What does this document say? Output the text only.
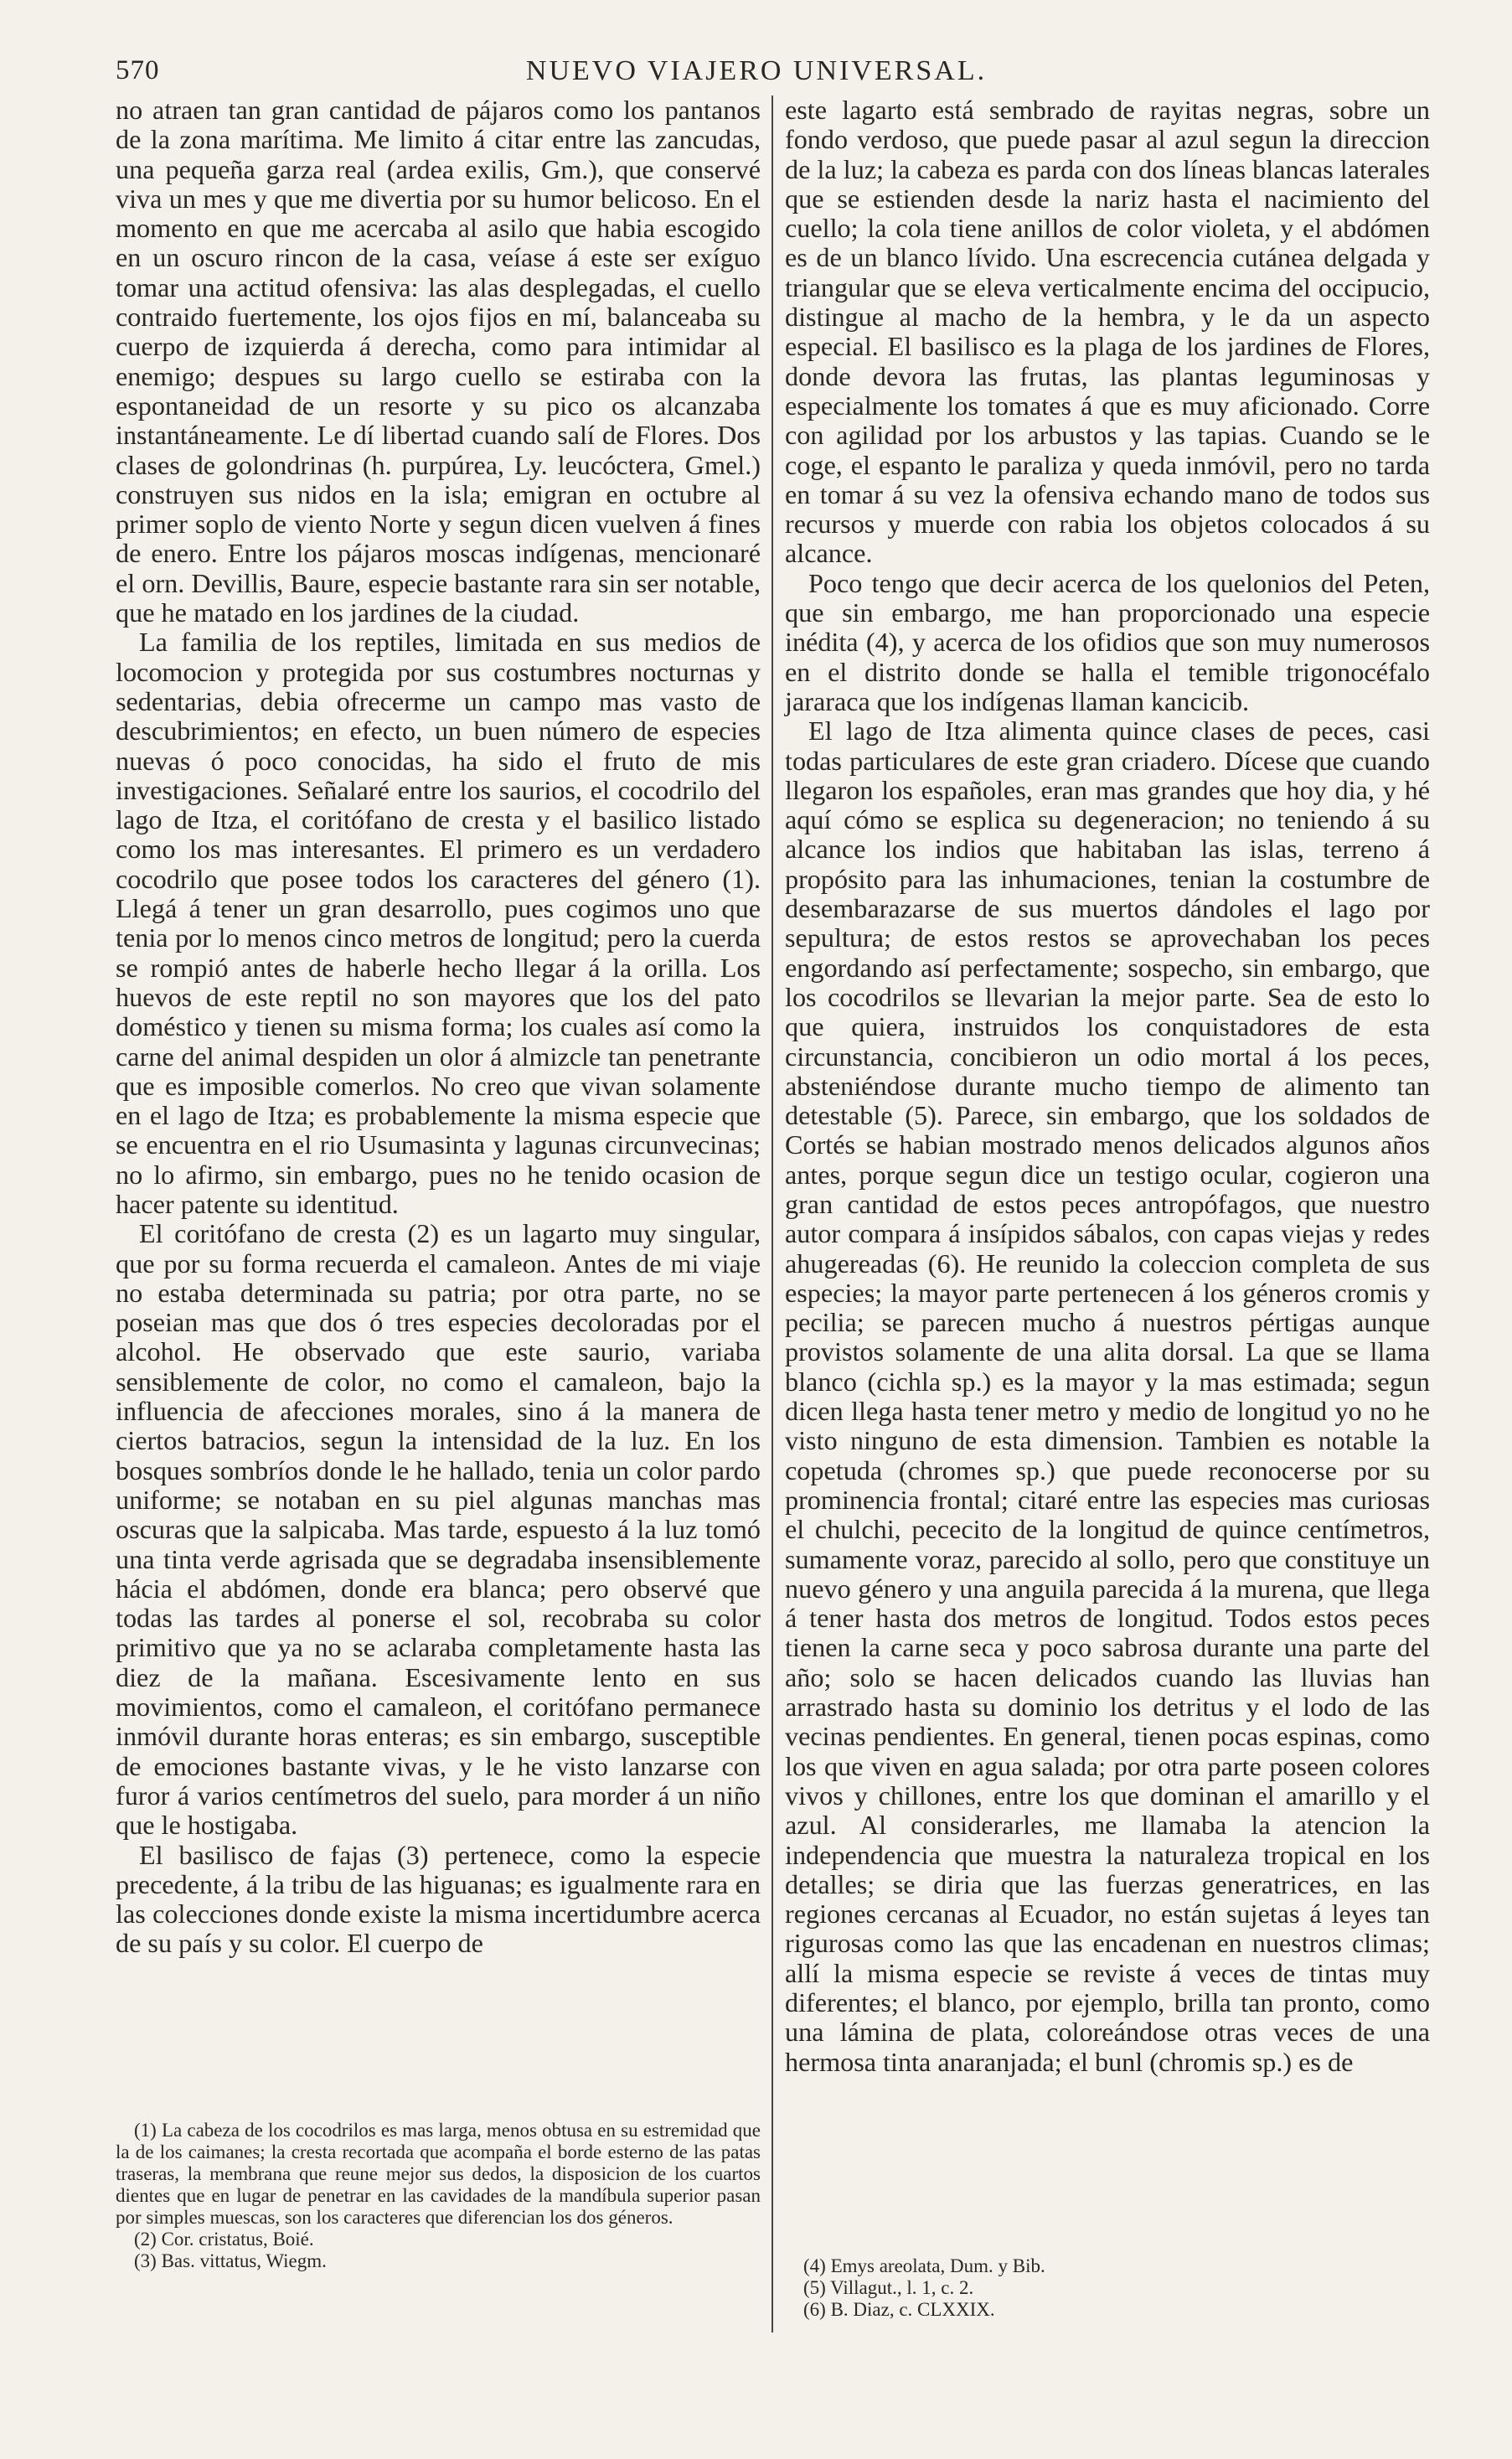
570	NUEVO VIAJERO UNIVERSAL.

no atraen tan gran cantidad de pájaros como los pantanos de la zona marítima. Me limito á citar entre las zancudas, una pequeña garza real (ardea exilis, Gm.), que conservé viva un mes y que me divertia por su humor belicoso. En el momento en que me acercaba al asilo que habia escogido en un oscuro rincon de la casa, veíase á este ser exíguo tomar una actitud ofensiva: las alas desplegadas, el cuello contraido fuertemente, los ojos fijos en mí, balanceaba su cuerpo de izquierda á derecha, como para intimidar al enemigo; despues su largo cuello se estiraba con la espontaneidad de un resorte y su pico os alcanzaba instantáneamente. Le dí libertad cuando salí de Flores. Dos clases de golondrinas (h. purpúrea, Ly. leucóctera, Gmel.) construyen sus nidos en la isla; emigran en octubre al primer soplo de viento Norte y segun dicen vuelven á fines de enero. Entre los pájaros moscas indígenas, mencionaré el orn. Devillis, Baure, especie bastante rara sin ser notable, que he matado en los jardines de la ciudad.

La familia de los reptiles, limitada en sus medios de locomocion y protegida por sus costumbres nocturnas y sedentarias, debia ofrecerme un campo mas vasto de descubrimientos; en efecto, un buen número de especies nuevas ó poco conocidas, ha sido el fruto de mis investigaciones. Señalaré entre los saurios, el cocodrilo del lago de Itza, el coritófano de cresta y el basilico listado como los mas interesantes. El primero es un verdadero cocodrilo que posee todos los caracteres del género (1). Llegá á tener un gran desarrollo, pues cogimos uno que tenia por lo menos cinco metros de longitud; pero la cuerda se rompió antes de haberle hecho llegar á la orilla. Los huevos de este reptil no son mayores que los del pato doméstico y tienen su misma forma; los cuales así como la carne del animal despiden un olor á almizcle tan penetrante que es imposible comerlos. No creo que vivan solamente en el lago de Itza; es probablemente la misma especie que se encuentra en el rio Usumasinta y lagunas circunvecinas; no lo afirmo, sin embargo, pues no he tenido ocasion de hacer patente su identitud.

El coritófano de cresta (2) es un lagarto muy singular, que por su forma recuerda el camaleon. Antes de mi viaje no estaba determinada su patria; por otra parte, no se poseian mas que dos ó tres especies decoloradas por el alcohol. He observado que este saurio, variaba sensiblemente de color, no como el camaleon, bajo la influencia de afecciones morales, sino á la manera de ciertos batracios, segun la intensidad de la luz. En los bosques sombríos donde le he hallado, tenia un color pardo uniforme; se notaban en su piel algunas manchas mas oscuras que la salpicaba. Mas tarde, espuesto á la luz tomó una tinta verde agrisada que se degradaba insensiblemente hácia el abdómen, donde era blanca; pero observé que todas las tardes al ponerse el sol, recobraba su color primitivo que ya no se aclaraba completamente hasta las diez de la mañana. Escesivamente lento en sus movimientos, como el camaleon, el coritófano permanece inmóvil durante horas enteras; es sin embargo, susceptible de emociones bastante vivas, y le he visto lanzarse con furor á varios centímetros del suelo, para morder á un niño que le hostigaba.

El basilisco de fajas (3) pertenece, como la especie precedente, á la tribu de las higuanas; es igualmente rara en las colecciones donde existe la misma incertidumbre acerca de su país y su color. El cuerpo de

este lagarto está sembrado de rayitas negras, sobre un fondo verdoso, que puede pasar al azul segun la direccion de la luz; la cabeza es parda con dos líneas blancas laterales que se estienden desde la nariz hasta el nacimiento del cuello; la cola tiene anillos de color violeta, y el abdómen es de un blanco lívido. Una escrecencia cutánea delgada y triangular que se eleva verticalmente encima del occipucio, distingue al macho de la hembra, y le da un aspecto especial. El basilisco es la plaga de los jardines de Flores, donde devora las frutas, las plantas leguminosas y especialmente los tomates á que es muy aficionado. Corre con agilidad por los arbustos y las tapias. Cuando se le coge, el espanto le paraliza y queda inmóvil, pero no tarda en tomar á su vez la ofensiva echando mano de todos sus recursos y muerde con rabia los objetos colocados á su alcance.

Poco tengo que decir acerca de los quelonios del Peten, que sin embargo, me han proporcionado una especie inédita (4), y acerca de los ofidios que son muy numerosos en el distrito donde se halla el temible trigonocéfalo jararaca que los indígenas llaman kancicib.

El lago de Itza alimenta quince clases de peces, casi todas particulares de este gran criadero. Dícese que cuando llegaron los españoles, eran mas grandes que hoy dia, y hé aquí cómo se esplica su degeneracion; no teniendo á su alcance los indios que habitaban las islas, terreno á propósito para las inhumaciones, tenian la costumbre de desembarazarse de sus muertos dándoles el lago por sepultura; de estos restos se aprovechaban los peces engordando así perfectamente; sospecho, sin embargo, que los cocodrilos se llevarian la mejor parte. Sea de esto lo que quiera, instruidos los conquistadores de esta circunstancia, concibieron un odio mortal á los peces, absteniéndose durante mucho tiempo de alimento tan detestable (5). Parece, sin embargo, que los soldados de Cortés se habian mostrado menos delicados algunos años antes, porque segun dice un testigo ocular, cogieron una gran cantidad de estos peces antropófagos, que nuestro autor compara á insípidos sábalos, con capas viejas y redes ahugereadas (6). He reunido la coleccion completa de sus especies; la mayor parte pertenecen á los géneros cromis y pecilia; se parecen mucho á nuestros pértigas aunque provistos solamente de una alita dorsal. La que se llama blanco (cichla sp.) es la mayor y la mas estimada; segun dicen llega hasta tener metro y medio de longitud yo no he visto ninguno de esta dimension. Tambien es notable la copetuda (chromes sp.) que puede reconocerse por su prominencia frontal; citaré entre las especies mas curiosas el chulchi, pececito de la longitud de quince centímetros, sumamente voraz, parecido al sollo, pero que constituye un nuevo género y una anguila parecida á la murena, que llega á tener hasta dos metros de longitud. Todos estos peces tienen la carne seca y poco sabrosa durante una parte del año; solo se hacen delicados cuando las lluvias han arrastrado hasta su dominio los detritus y el lodo de las vecinas pendientes. En general, tienen pocas espinas, como los que viven en agua salada; por otra parte poseen colores vivos y chillones, entre los que dominan el amarillo y el azul. Al considerarles, me llamaba la atencion la independencia que muestra la naturaleza tropical en los detalles; se diria que las fuerzas generatrices, en las regiones cercanas al Ecuador, no están sujetas á leyes tan rigurosas como las que las encadenan en nuestros climas; allí la misma especie se reviste á veces de tintas muy diferentes; el blanco, por ejemplo, brilla tan pronto, como una lámina de plata, coloreándose otras veces de una hermosa tinta anaranjada; el bunl (chromis sp.) es de

(1) La cabeza de los cocodrilos es mas larga, menos obtusa en su estremidad que la de los caimanes; la cresta recortada que acompaña el borde esterno de las patas traseras, la membrana que reune mejor sus dedos, la disposicion de los cuartos dientes que en lugar de penetrar en las cavidades de la mandíbula superior pasan por simples muescas, son los caracteres que diferencian los dos géneros.

(2) Cor. cristatus, Boié.

(3) Bas. vittatus, Wiegm.	(4) Emys areolata, Dum. y Bib.

(5) Villagut., l. 1, c. 2.

(6) B. Diaz, c. CLXXIX.
